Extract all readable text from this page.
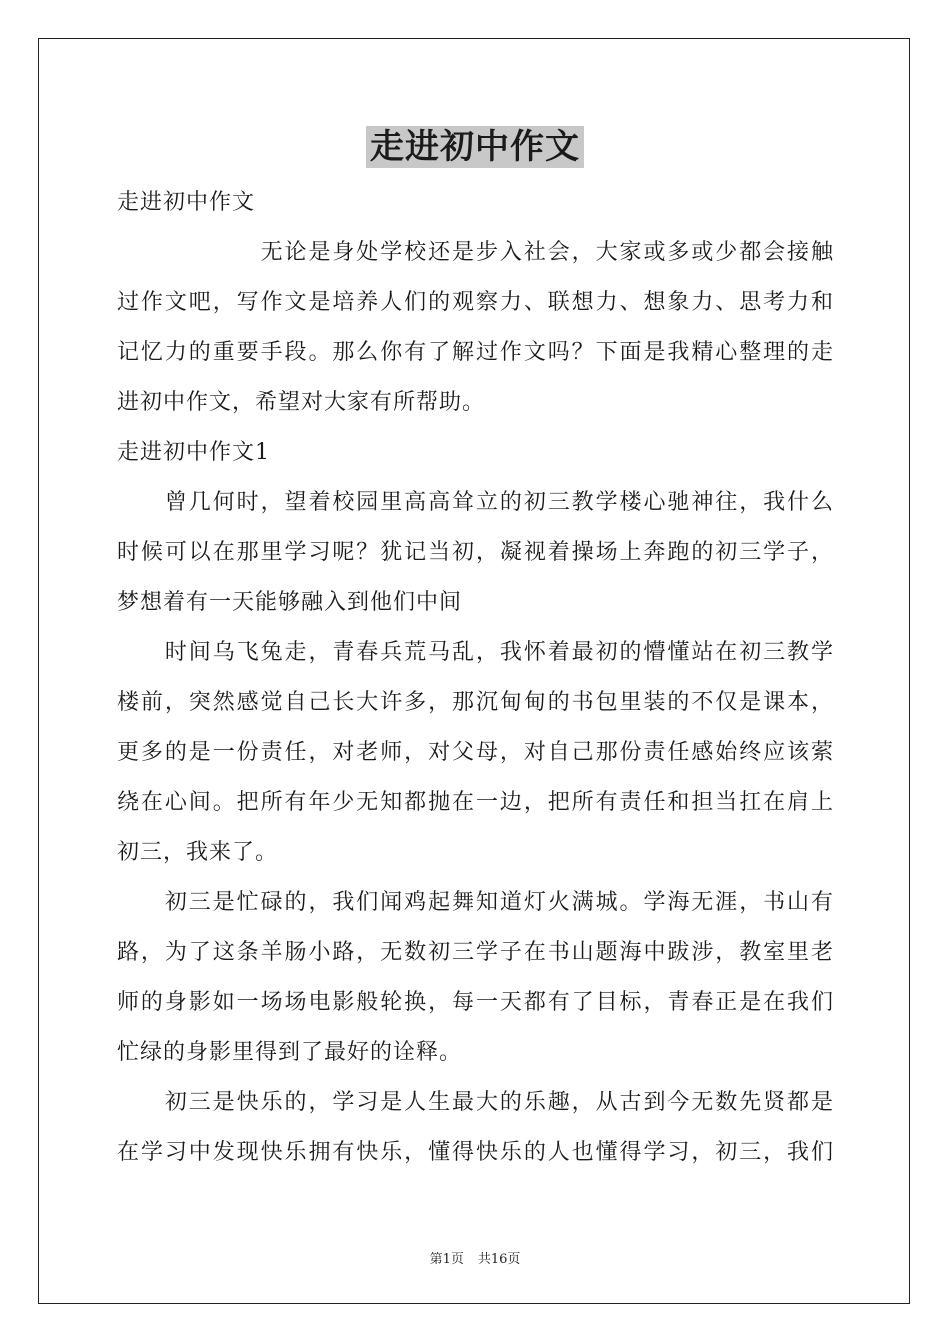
走进初中作文
走进初中作文
　　　　　　无论是身处学校还是步入社会，大家或多或少都会接触
过作文吧，写作文是培养人们的观察力、联想力、想象力、思考力和
记忆力的重要手段。那么你有了解过作文吗？下面是我精心整理的走
进初中作文，希望对大家有所帮助。
走进初中作文1
　　曾几何时，望着校园里高高耸立的初三教学楼心驰神往，我什么
时候可以在那里学习呢？犹记当初，凝视着操场上奔跑的初三学子，
梦想着有一天能够融入到他们中间
　　时间乌飞兔走，青春兵荒马乱，我怀着最初的懵懂站在初三教学
楼前，突然感觉自己长大许多，那沉甸甸的书包里装的不仅是课本，
更多的是一份责任，对老师，对父母，对自己那份责任感始终应该萦
绕在心间。把所有年少无知都抛在一边，把所有责任和担当扛在肩上
初三，我来了。
　　初三是忙碌的，我们闻鸡起舞知道灯火满城。学海无涯，书山有
路，为了这条羊肠小路，无数初三学子在书山题海中跋涉，教室里老
师的身影如一场场电影般轮换，每一天都有了目标，青春正是在我们
忙绿的身影里得到了最好的诠释。
　　初三是快乐的，学习是人生最大的乐趣，从古到今无数先贤都是
在学习中发现快乐拥有快乐，懂得快乐的人也懂得学习，初三，我们
第1页 共16页
